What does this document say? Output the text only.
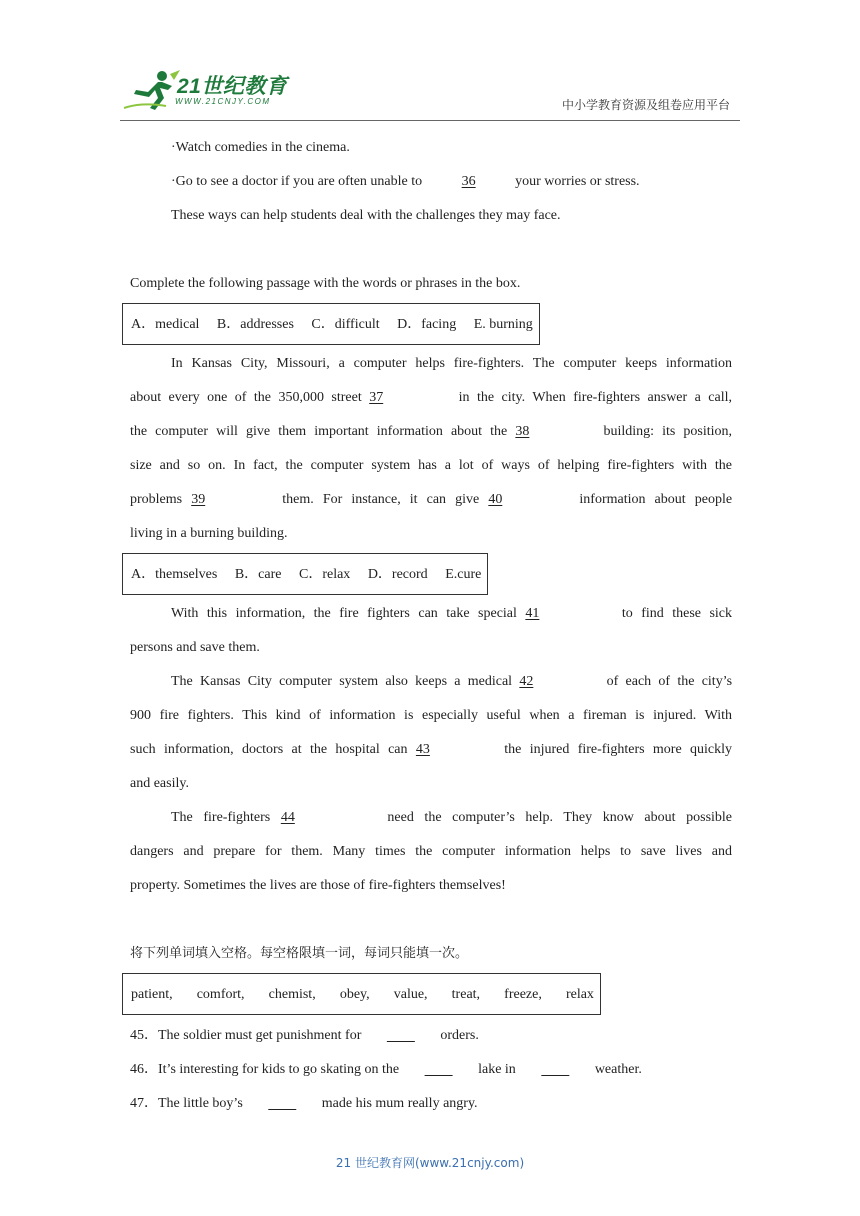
21世纪教育
WWW.21CNJY.COM	中小学教育资源及组卷应用平台
·Watch comedies in the cinema.
·Go to see a doctor if you are often unable to	36	your worries or stress.
These ways can help students deal with the challenges they may face.
Complete the following passage with the words or phrases in the box.
A．medical B．addresses C．difficult D．facing E. burning
In Kansas City, Missouri, a computer helps fire-fighters. The computer keeps information
about every one of the 350,000 street 37	in the city. When fire-fighters answer a call,
the computer will give them important information about the 38	building: its position,
size and so on. In fact, the computer system has a lot of ways of helping fire-fighters with the
problems 39	them. For instance, it can give 40	information about people
living in a burning building.
A．themselves B．care C．relax D．record E.cure
With this information, the fire fighters can take special 41	to find these sick
persons and save them.
The Kansas City computer system also keeps a medical 42	of each of the city’s
900 fire fighters. This kind of information is especially useful when a fireman is injured. With
such information, doctors at the hospital can 43	the injured fire-fighters more quickly
and easily.
The fire-fighters 44	need the computer’s help. They know about possible
dangers and prepare for them. Many times the computer information helps to save lives and
property. Sometimes the lives are those of fire-fighters themselves!
将下列单词填入空格。每空格限填一词，每词只能填一次。
patient, comfort, chemist, obey, value, treat, freeze, relax
45．The soldier must get punishment for	orders.
46．It’s interesting for kids to go skating on the	lake in	weather.
47．The little boy’s	made his mum really angry.
21 世纪教育网(www.21cnjy.com)
